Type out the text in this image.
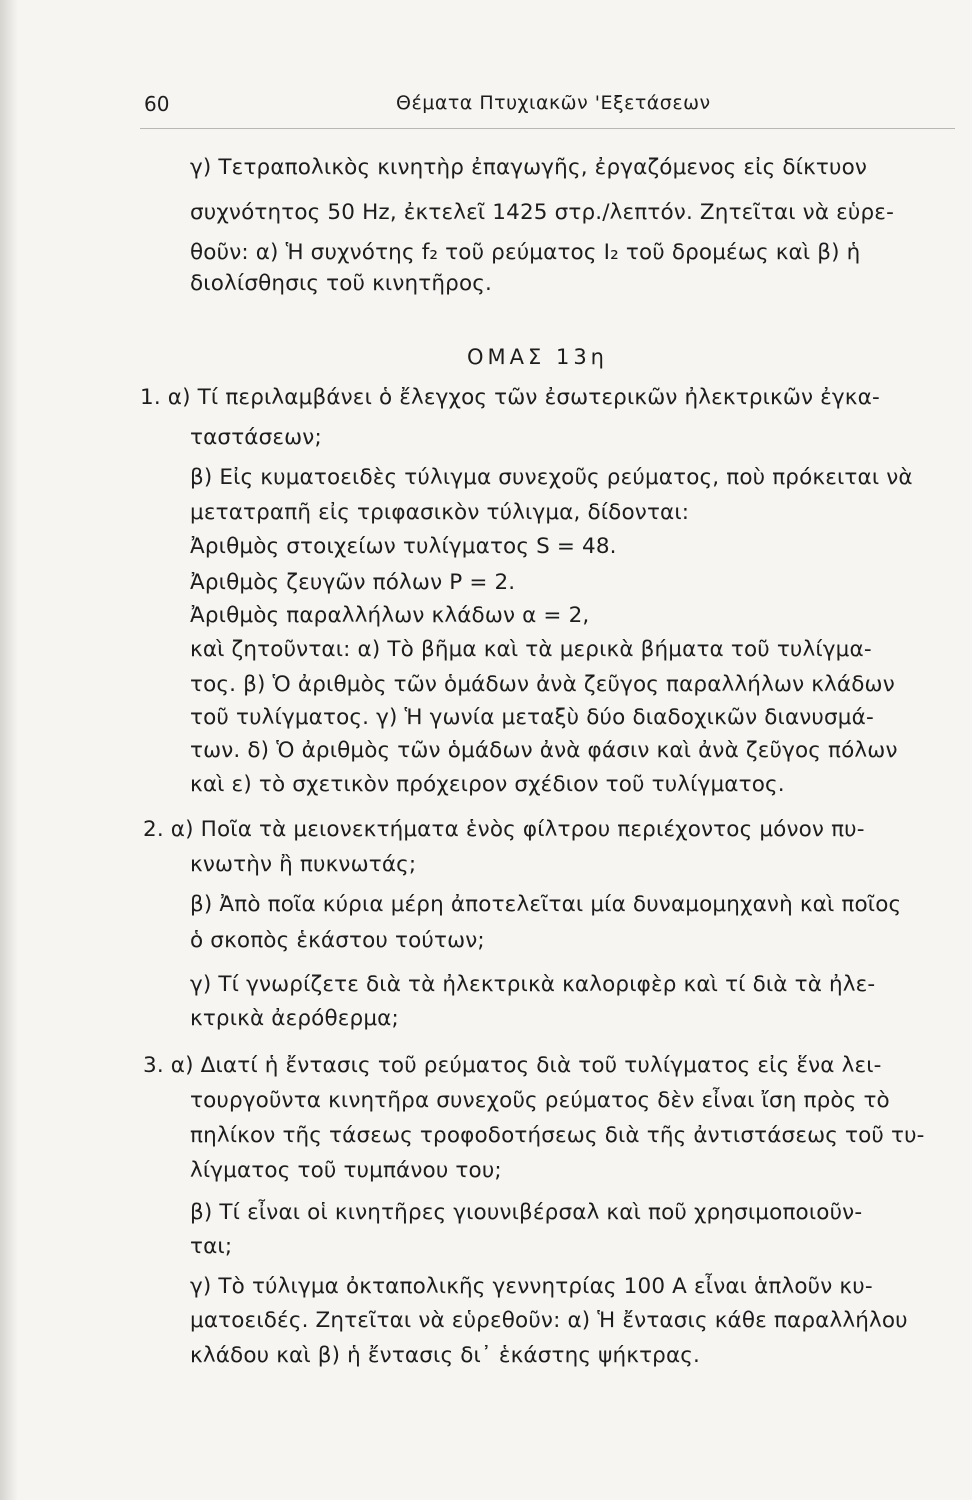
60	Θέματα Πτυχιακῶν 'Εξετάσεων
ΟΜΑΣ 13η
γ) Τετραπολικὸς κινητὴρ ἐπαγωγῆς, ἐργαζόμενος εἰς δίκτυον
συχνότητος 50 Hz, ἐκτελεῖ 1425 στρ./λεπτόν. Ζητεῖται νὰ εὑρε-
θοῦν: α) Ἡ συχνότης f₂ τοῦ ρεύματος I₂ τοῦ δρομέως καὶ β) ἡ
διολίσθησις τοῦ κινητῆρος.
1. α) Τί περιλαμβάνει ὁ ἔλεγχος τῶν ἐσωτερικῶν ἠλεκτρικῶν ἐγκα-
ταστάσεων;
β) Εἰς κυματοειδὲς τύλιγμα συνεχοῦς ρεύματος, ποὺ πρόκειται νὰ
μετατραπῆ εἰς τριφασικὸν τύλιγμα, δίδονται:
Ἀριθμὸς στοιχείων τυλίγματος S = 48.
Ἀριθμὸς ζευγῶν πόλων P = 2.
Ἀριθμὸς παραλλήλων κλάδων α = 2,
καὶ ζητοῦνται: α) Τὸ βῆμα καὶ τὰ μερικὰ βήματα τοῦ τυλίγμα-
τος. β) Ὁ ἀριθμὸς τῶν ὁμάδων ἀνὰ ζεῦγος παραλλήλων κλάδων
τοῦ τυλίγματος. γ) Ἡ γωνία μεταξὺ δύο διαδοχικῶν διανυσμά-
των. δ) Ὁ ἀριθμὸς τῶν ὁμάδων ἀνὰ φάσιν καὶ ἀνὰ ζεῦγος πόλων
καὶ ε) τὸ σχετικὸν πρόχειρον σχέδιον τοῦ τυλίγματος.
2. α) Ποῖα τὰ μειονεκτήματα ἑνὸς φίλτρου περιέχοντος μόνον πυ-
κνωτὴν ἢ πυκνωτάς;
β) Ἀπὸ ποῖα κύρια μέρη ἀποτελεῖται μία δυναμομηχανὴ καὶ ποῖος
ὁ σκοπὸς ἑκάστου τούτων;
γ) Τί γνωρίζετε διὰ τὰ ἠλεκτρικὰ καλοριφὲρ καὶ τί διὰ τὰ ἠλε-
κτρικὰ ἀερόθερμα;
3. α) Διατί ἡ ἔντασις τοῦ ρεύματος διὰ τοῦ τυλίγματος εἰς ἕνα λει-
τουργοῦντα κινητῆρα συνεχοῦς ρεύματος δὲν εἶναι ἴση πρὸς τὸ
πηλίκον τῆς τάσεως τροφοδοτήσεως διὰ τῆς ἀντιστάσεως τοῦ τυ-
λίγματος τοῦ τυμπάνου του;
β) Τί εἶναι οἱ κινητῆρες γιουνιβέρσαλ καὶ ποῦ χρησιμοποιοῦν-
ται;
γ) Τὸ τύλιγμα ὀκταπολικῆς γεννητρίας 100 A εἶναι ἁπλοῦν κυ-
ματοειδές. Ζητεῖται νὰ εὑρεθοῦν: α) Ἡ ἔντασις κάθε παραλλήλου
κλάδου καὶ β) ἡ ἔντασις δι᾽ ἑκάστης ψήκτρας.
